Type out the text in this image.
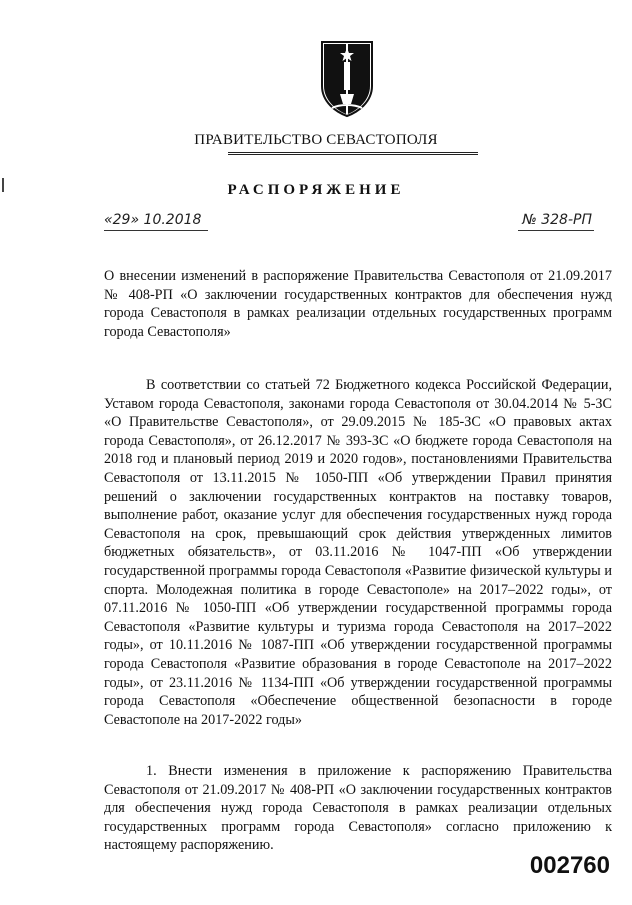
ПРАВИТЕЛЬСТВО СЕВАСТОПОЛЯ
РАСПОРЯЖЕНИЕ
«29» 10.2018	№ 328-РП
О внесении изменений в распоряжение Правительства Севастополя от 21.09.2017 № 408-РП «О заключении государственных контрактов для обеспечения нужд города Севастополя в рамках реализации отдельных государственных программ города Севастополя»
В соответствии со статьей 72 Бюджетного кодекса Российской Федерации, Уставом города Севастополя, законами города Севастополя от 30.04.2014 № 5-ЗС «О Правительстве Севастополя», от 29.09.2015 № 185-ЗС «О правовых актах города Севастополя», от 26.12.2017 № 393-ЗС «О бюджете города Севастополя на 2018 год и плановый период 2019 и 2020 годов», постановлениями Правительства Севастополя от 13.11.2015 № 1050-ПП «Об утверждении Правил принятия решений о заключении государственных контрактов на поставку товаров, выполнение работ, оказание услуг для обеспечения государственных нужд города Севастополя на срок, превышающий срок действия утвержденных лимитов бюджетных обязательств», от 03.11.2016 № 1047-ПП «Об утверждении государственной программы города Севастополя «Развитие физической культуры и спорта. Молодежная политика в городе Севастополе» на 2017–2022 годы», от 07.11.2016 № 1050-ПП «Об утверждении государственной программы города Севастополя «Развитие культуры и туризма города Севастополя на 2017–2022 годы», от 10.11.2016 № 1087-ПП «Об утверждении государственной программы города Севастополя «Развитие образования в городе Севастополе на 2017–2022 годы», от 23.11.2016 № 1134-ПП «Об утверждении государственной программы города Севастополя «Обеспечение общественной безопасности в городе Севастополе на 2017-2022 годы»
1. Внести изменения в приложение к распоряжению Правительства Севастополя от 21.09.2017 № 408-РП «О заключении государственных контрактов для обеспечения нужд города Севастополя в рамках реализации отдельных государственных программ города Севастополя» согласно приложению к настоящему распоряжению.
002760
